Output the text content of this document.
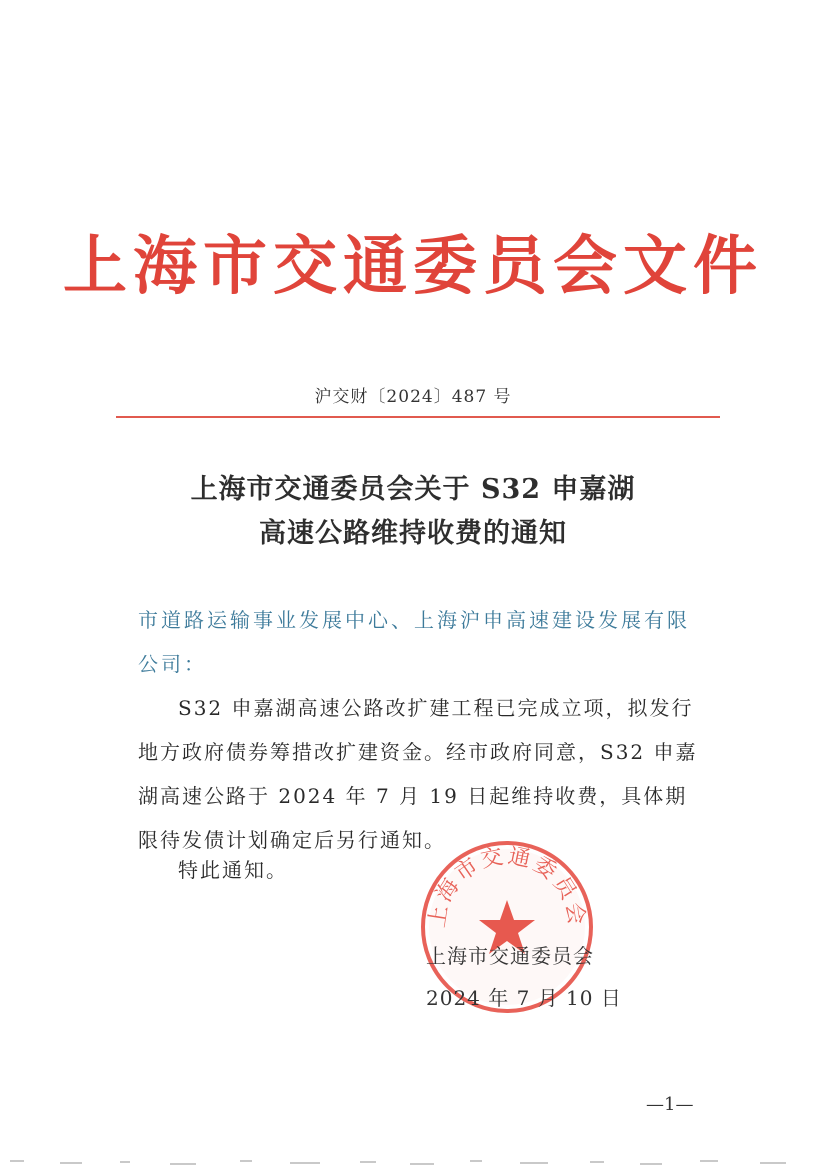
上海市交通委员会文件
沪交财〔2024〕487 号
上海市交通委员会关于 S32 申嘉湖
高速公路维持收费的通知
市道路运输事业发展中心、上海沪申高速建设发展有限公司：
S32 申嘉湖高速公路改扩建工程已完成立项，拟发行地方政府债券筹措改扩建资金。经市政府同意，S32 申嘉湖高速公路于 2024 年 7 月 19 日起维持收费，具体期限待发债计划确定后另行通知。
特此通知。
上海市交通委员会
上海市交通委员会
2024 年 7 月 10 日
—1—
